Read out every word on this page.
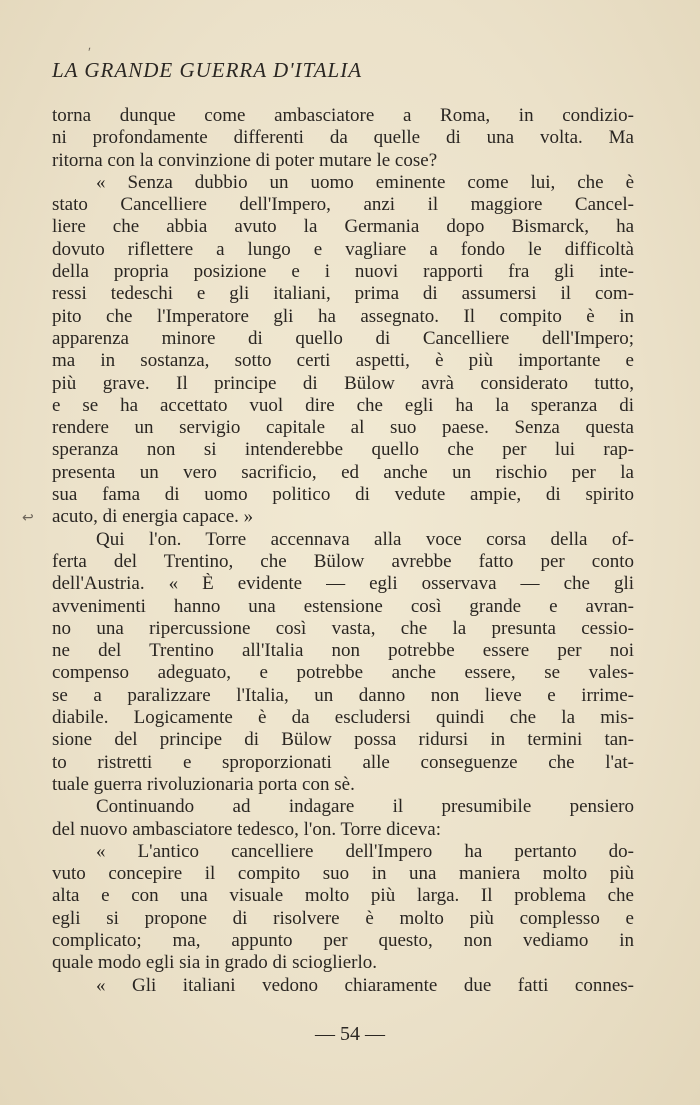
ʹ
↩
LA GRANDE GUERRA D'ITALIA
torna dunque come ambasciatore a Roma, in condizio-
ni profondamente differenti da quelle di una volta. Ma
ritorna con la convinzione di poter mutare le cose?
« Senza dubbio un uomo eminente come lui, che è
stato Cancelliere dell'Impero, anzi il maggiore Cancel-
liere che abbia avuto la Germania dopo Bismarck, ha
dovuto riflettere a lungo e vagliare a fondo le difficoltà
della propria posizione e i nuovi rapporti fra gli inte-
ressi tedeschi e gli italiani, prima di assumersi il com-
pito che l'Imperatore gli ha assegnato. Il compito è in
apparenza minore di quello di Cancelliere dell'Impero;
ma in sostanza, sotto certi aspetti, è più importante e
più grave. Il principe di Bülow avrà considerato tutto,
e se ha accettato vuol dire che egli ha la speranza di
rendere un servigio capitale al suo paese. Senza questa
speranza non si intenderebbe quello che per lui rap-
presenta un vero sacrificio, ed anche un rischio per la
sua fama di uomo politico di vedute ampie, di spirito
acuto, di energia capace. »
Qui l'on. Torre accennava alla voce corsa della of-
ferta del Trentino, che Bülow avrebbe fatto per conto
dell'Austria. « È evidente — egli osservava — che gli
avvenimenti hanno una estensione così grande e avran-
no una ripercussione così vasta, che la presunta cessio-
ne del Trentino all'Italia non potrebbe essere per noi
compenso adeguato, e potrebbe anche essere, se vales-
se a paralizzare l'Italia, un danno non lieve e irrime-
diabile. Logicamente è da escludersi quindi che la mis-
sione del principe di Bülow possa ridursi in termini tan-
to ristretti e sproporzionati alle conseguenze che l'at-
tuale guerra rivoluzionaria porta con sè.
Continuando ad indagare il presumibile pensiero
del nuovo ambasciatore tedesco, l'on. Torre diceva:
« L'antico cancelliere dell'Impero ha pertanto do-
vuto concepire il compito suo in una maniera molto più
alta e con una visuale molto più larga. Il problema che
egli si propone di risolvere è molto più complesso e
complicato; ma, appunto per questo, non vediamo in
quale modo egli sia in grado di scioglierlo.
« Gli italiani vedono chiaramente due fatti connes-
— 54 —
